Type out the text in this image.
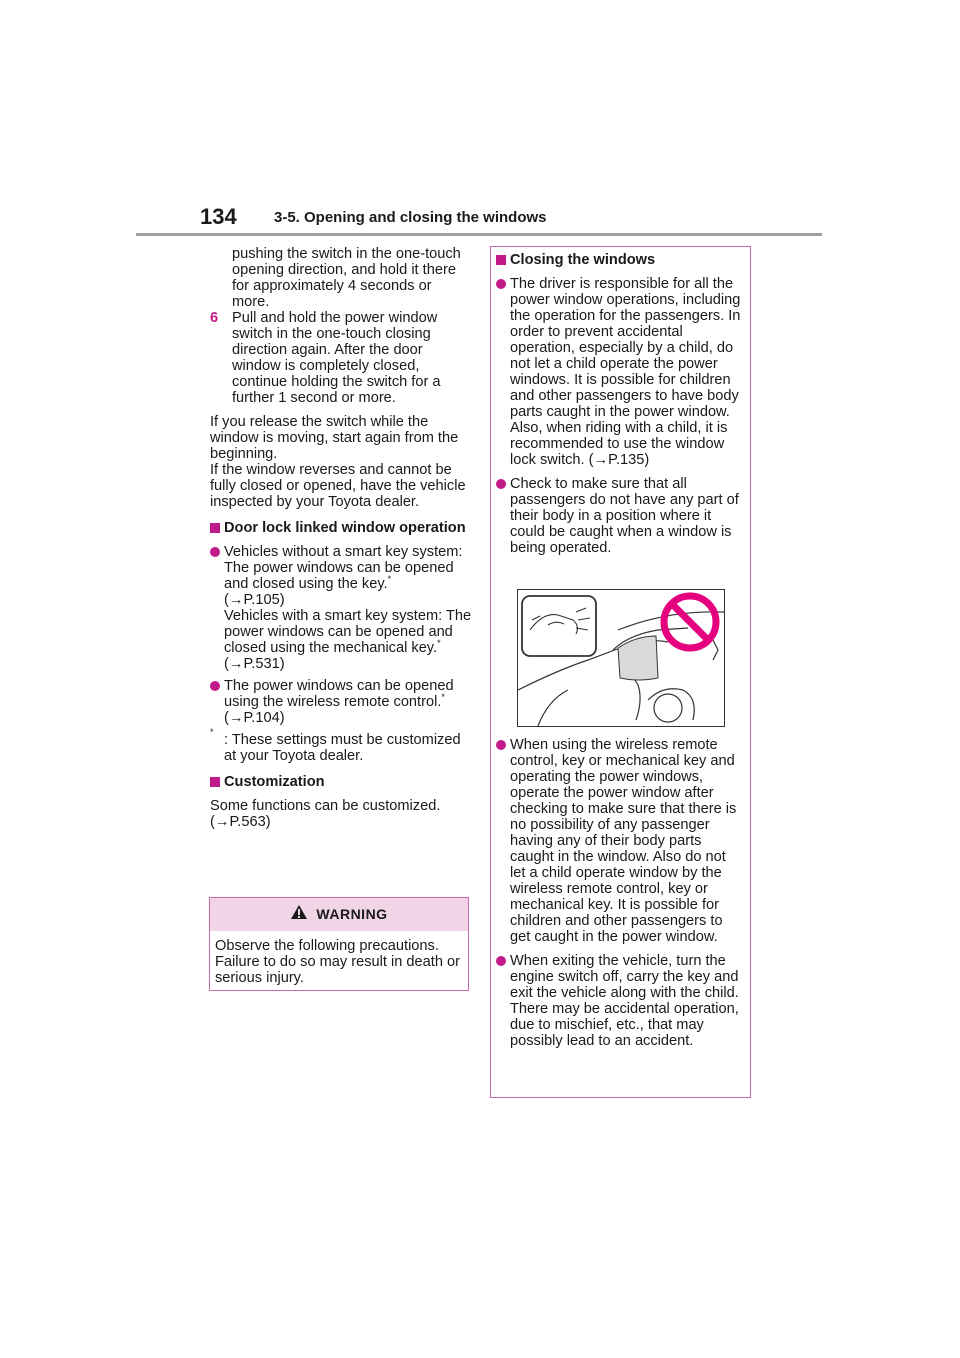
134 3-5. Opening and closing the windows

pushing the switch in the one-touch opening direction, and hold it there for approximately 4 seconds or more.

6 Pull and hold the power window switch in the one-touch closing direction again. After the door window is completely closed, continue holding the switch for a further 1 second or more.

If you release the switch while the window is moving, start again from the beginning.

If the window reverses and cannot be fully closed or opened, have the vehicle inspected by your Toyota dealer.

Door lock linked window operation

Vehicles without a smart key system: The power windows can be opened and closed using the key.*
(→P.105)
Vehicles with a smart key system: The power windows can be opened and closed using the mechanical key.* (→P.531)

The power windows can be opened using the wireless remote control.* (→P.104)

* : These settings must be customized at your Toyota dealer.

Customization

Some functions can be customized. (→P.563)

WARNING
Observe the following precautions. Failure to do so may result in death or serious injury.

Closing the windows

The driver is responsible for all the power window operations, including the operation for the passengers. In order to prevent accidental operation, especially by a child, do not let a child operate the power windows. It is possible for children and other passengers to have body parts caught in the power window. Also, when riding with a child, it is recommended to use the window lock switch. (→P.135)

Check to make sure that all passengers do not have any part of their body in a position where it could be caught when a window is being operated.

When using the wireless remote control, key or mechanical key and operating the power windows, operate the power window after checking to make sure that there is no possibility of any passenger having any of their body parts caught in the window. Also do not let a child operate window by the wireless remote control, key or mechanical key. It is possible for children and other passengers to get caught in the power window.

When exiting the vehicle, turn the engine switch off, carry the key and exit the vehicle along with the child. There may be accidental operation, due to mischief, etc., that may possibly lead to an accident.
